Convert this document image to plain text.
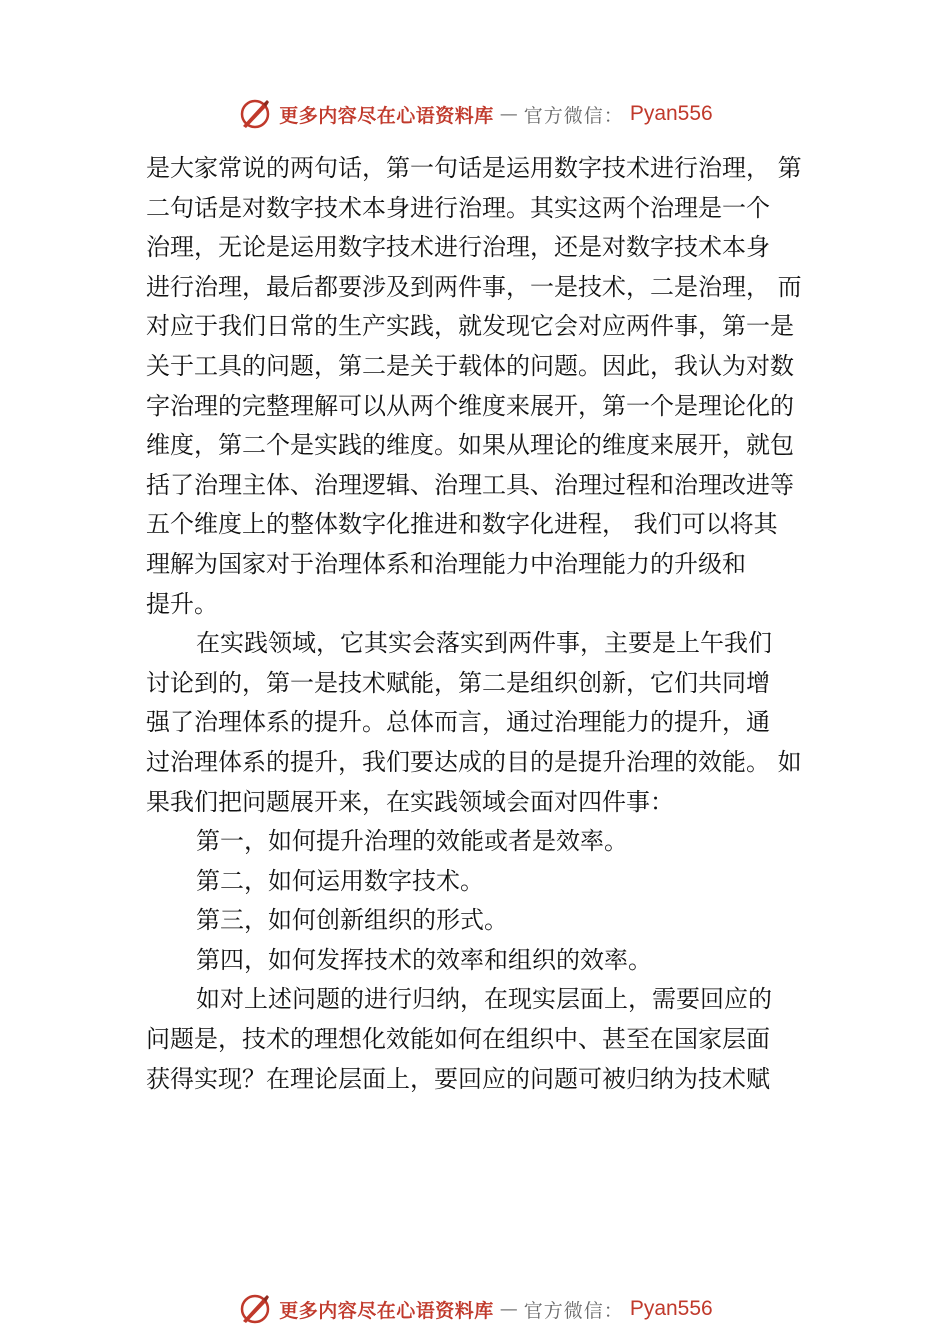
更多内容尽在心语资料库 — 官方微信： Pyan556
是大家常说的两句话，第一句话是运用数字技术进行治理， 第
二句话是对数字技术本身进行治理。其实这两个治理是一个
治理，无论是运用数字技术进行治理，还是对数字技术本身
进行治理，最后都要涉及到两件事，一是技术，二是治理， 而
对应于我们日常的生产实践，就发现它会对应两件事，第一是
关于工具的问题，第二是关于载体的问题。因此，我认为对数
字治理的完整理解可以从两个维度来展开，第一个是理论化的
维度，第二个是实践的维度。如果从理论的维度来展开，就包
括了治理主体、治理逻辑、治理工具、治理过程和治理改进等
五个维度上的整体数字化推进和数字化进程， 我们可以将其
理解为国家对于治理体系和治理能力中治理能力的升级和
提升。
在实践领域，它其实会落实到两件事，主要是上午我们
讨论到的，第一是技术赋能，第二是组织创新，它们共同增
强了治理体系的提升。总体而言，通过治理能力的提升，通
过治理体系的提升，我们要达成的目的是提升治理的效能。 如
果我们把问题展开来，在实践领域会面对四件事：
第一，如何提升治理的效能或者是效率。
第二，如何运用数字技术。
第三，如何创新组织的形式。
第四，如何发挥技术的效率和组织的效率。
如对上述问题的进行归纳，在现实层面上，需要回应的
问题是，技术的理想化效能如何在组织中、甚至在国家层面
获得实现？在理论层面上，要回应的问题可被归纳为技术赋
更多内容尽在心语资料库 — 官方微信： Pyan556
